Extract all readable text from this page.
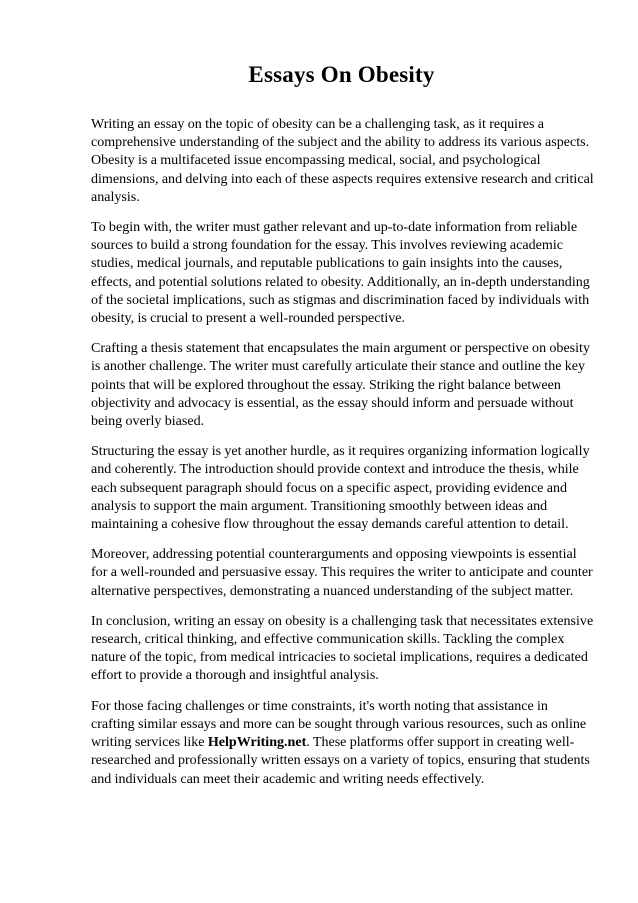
Essays On Obesity

Writing an essay on the topic of obesity can be a challenging task, as it requires a comprehensive understanding of the subject and the ability to address its various aspects. Obesity is a multifaceted issue encompassing medical, social, and psychological dimensions, and delving into each of these aspects requires extensive research and critical analysis.

To begin with, the writer must gather relevant and up-to-date information from reliable sources to build a strong foundation for the essay. This involves reviewing academic studies, medical journals, and reputable publications to gain insights into the causes, effects, and potential solutions related to obesity. Additionally, an in-depth understanding of the societal implications, such as stigmas and discrimination faced by individuals with obesity, is crucial to present a well-rounded perspective.

Crafting a thesis statement that encapsulates the main argument or perspective on obesity is another challenge. The writer must carefully articulate their stance and outline the key points that will be explored throughout the essay. Striking the right balance between objectivity and advocacy is essential, as the essay should inform and persuade without being overly biased.

Structuring the essay is yet another hurdle, as it requires organizing information logically and coherently. The introduction should provide context and introduce the thesis, while each subsequent paragraph should focus on a specific aspect, providing evidence and analysis to support the main argument. Transitioning smoothly between ideas and maintaining a cohesive flow throughout the essay demands careful attention to detail.

Moreover, addressing potential counterarguments and opposing viewpoints is essential for a well-rounded and persuasive essay. This requires the writer to anticipate and counter alternative perspectives, demonstrating a nuanced understanding of the subject matter.

In conclusion, writing an essay on obesity is a challenging task that necessitates extensive research, critical thinking, and effective communication skills. Tackling the complex nature of the topic, from medical intricacies to societal implications, requires a dedicated effort to provide a thorough and insightful analysis.

For those facing challenges or time constraints, it's worth noting that assistance in crafting similar essays and more can be sought through various resources, such as online writing services like HelpWriting.net. These platforms offer support in creating well-researched and professionally written essays on a variety of topics, ensuring that students and individuals can meet their academic and writing needs effectively.
